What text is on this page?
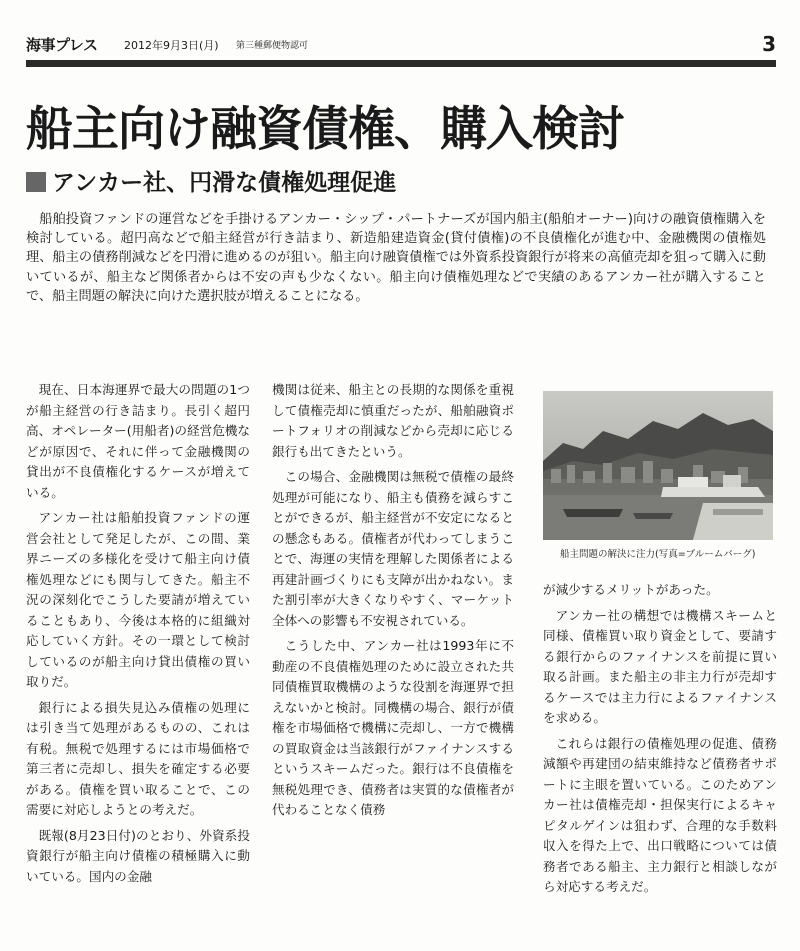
海事プレス 2012年9月3日(月) 第三種郵便物認可	3
船主向け融資債権、購入検討
アンカー社、円滑な債権処理促進

船舶投資ファンドの運営などを手掛けるアンカー・シップ・パートナーズが国内船主(船舶オーナー)向けの融資債権購入を検討している。超円高などで船主経営が行き詰まり、新造船建造資金(貸付債権)の不良債権化が進む中、金融機関の債権処理、船主の債務削減などを円滑に進めるのが狙い。船主向け融資債権では外資系投資銀行が将来の高値売却を狙って購入に動いているが、船主など関係者からは不安の声も少なくない。船主向け債権処理などで実績のあるアンカー社が購入することで、船主問題の解決に向けた選択肢が増えることになる。

現在、日本海運界で最大の問題の1つが船主経営の行き詰まり。長引く超円高、オペレーター(用船者)の経営危機などが原因で、それに伴って金融機関の貸出が不良債権化するケースが増えている。

アンカー社は船舶投資ファンドの運営会社として発足したが、この間、業界ニーズの多様化を受けて船主向け債権処理などにも関与してきた。船主不況の深刻化でこうした要請が増えていることもあり、今後は本格的に組織対応していく方針。その一環として検討しているのが船主向け貸出債権の買い取りだ。

銀行による損失見込み債権の処理には引き当て処理があるものの、これは有税。無税で処理するには市場価格で第三者に売却し、損失を確定する必要がある。債権を買い取ることで、この需要に対応しようとの考えだ。

既報(8月23日付)のとおり、外資系投資銀行が船主向け債権の積極購入に動いている。国内の金融

機関は従来、船主との長期的な関係を重視して債権売却に慎重だったが、船舶融資ポートフォリオの削減などから売却に応じる銀行も出てきたという。

この場合、金融機関は無税で債権の最終処理が可能になり、船主も債務を減らすことができるが、船主経営が不安定になるとの懸念もある。債権者が代わってしまうことで、海運の実情を理解した関係者による再建計画づくりにも支障が出かねない。また割引率が大きくなりやすく、マーケット全体への影響も不安視されている。

こうした中、アンカー社は1993年に不動産の不良債権処理のために設立された共同債権買取機構のような役割を海運界で担えないかと検討。同機構の場合、銀行が債権を市場価格で機構に売却し、一方で機構の買取資金は当該銀行がファイナンスするというスキームだった。銀行は不良債権を無税処理でき、債務者は実質的な債権者が代わることなく債務

船主問題の解決に注力(写真=ブルームバーグ)

が減少するメリットがあった。

アンカー社の構想では機構スキームと同様、債権買い取り資金として、要請する銀行からのファイナンスを前提に買い取る計画。また船主の非主力行が売却するケースでは主力行によるファイナンスを求める。

これらは銀行の債権処理の促進、債務減額や再建団の結束維持など債務者サポートに主眼を置いている。このためアンカー社は債権売却・担保実行によるキャピタルゲインは狙わず、合理的な手数料収入を得た上で、出口戦略については債務者である船主、主力銀行と相談しながら対応する考えだ。
